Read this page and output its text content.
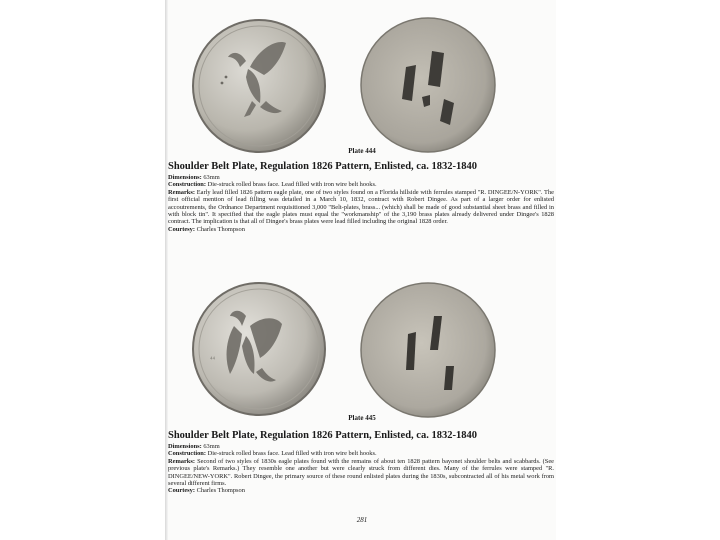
Plate 444
Shoulder Belt Plate, Regulation 1826 Pattern, Enlisted, ca. 1832-1840

Dimensions: 63mm

Construction: Die-struck rolled brass face. Lead filled with iron wire belt hooks.

Remarks: Early lead filled 1826 pattern eagle plate, one of two styles found on a Florida hillside with ferrules stamped "R. DINGEE/N-YORK". The first official mention of lead filling was detailed in a March 10, 1832, contract with Robert Dingee. As part of a larger order for enlisted accoutrements, the Ordnance Department requisitioned 3,000 "Belt-plates, brass... (which) shall be made of good substantial sheet brass and filled in with block tin". It specified that the eagle plates must equal the "workmanship" of the 3,190 brass plates already delivered under Dingee's 1828 contract. The implication is that all of Dingee's brass plates were lead filled including the original 1828 order.

Courtesy: Charles Thompson

₄₄
Plate 445
Shoulder Belt Plate, Regulation 1826 Pattern, Enlisted, ca. 1832-1840

Dimensions: 63mm

Construction: Die-struck rolled brass face. Lead filled with iron wire belt hooks.

Remarks: Second of two styles of 1830s eagle plates found with the remains of about ten 1828 pattern bayonet shoulder belts and scabbards. (See previous plate's Remarks.) They resemble one another but were clearly struck from different dies. Many of the ferrules were stamped "R. DINGEE/NEW-YORK". Robert Dingee, the primary source of these round enlisted plates during the 1830s, subcontracted all of his metal work from several different firms.

Courtesy: Charles Thompson

281
